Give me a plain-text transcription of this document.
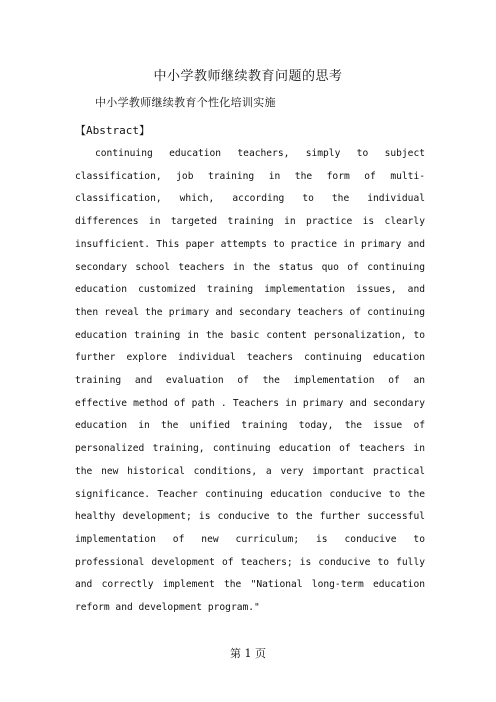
中小学教师继续教育问题的思考
中小学教师继续教育个性化培训实施
【Abstract】

continuing education teachers, simply to subject classification, job training in the form of multi-classification, which, according to the individual differences in targeted training in practice is clearly insufficient. This paper attempts to practice in primary and secondary school teachers in the status quo of continuing education customized training implementation issues, and then reveal the primary and secondary teachers of continuing education training in the basic content personalization, to further explore individual teachers continuing education training and evaluation of the implementation of an effective method of path . Teachers in primary and secondary education in the unified training today, the issue of personalized training, continuing education of teachers in the new historical conditions, a very important practical significance. Teacher continuing education conducive to the healthy development; is conducive to the further successful implementation of new curriculum; is conducive to professional development of teachers; is conducive to fully and correctly implement the "National long-term education reform and development program."

第 1 页
